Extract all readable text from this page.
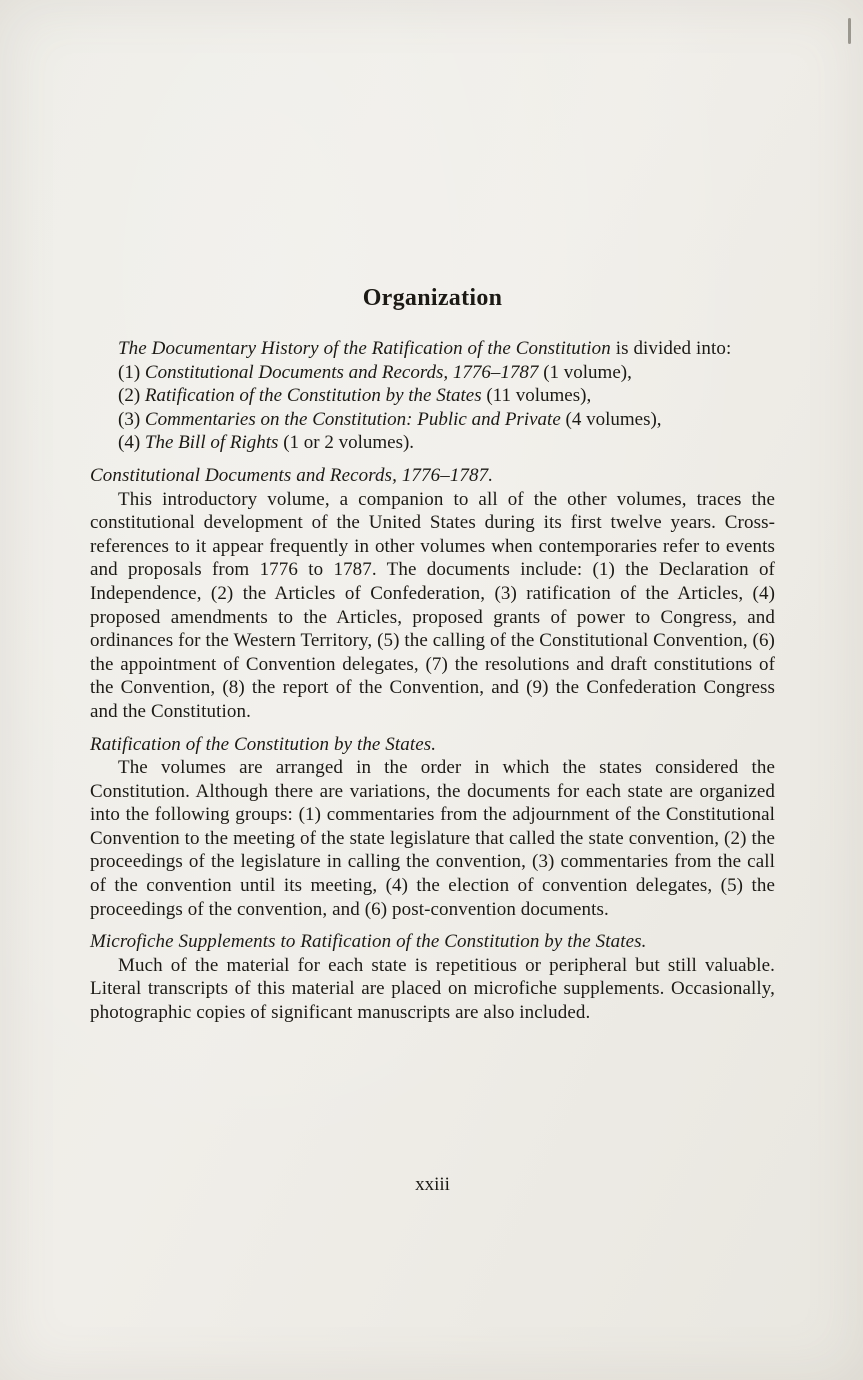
Organization

The Documentary History of the Ratification of the Constitution is divided into:

(1) Constitutional Documents and Records, 1776–1787 (1 volume),

(2) Ratification of the Constitution by the States (11 volumes),

(3) Commentaries on the Constitution: Public and Private (4 volumes),

(4) The Bill of Rights (1 or 2 volumes).

Constitutional Documents and Records, 1776–1787.

This introductory volume, a companion to all of the other volumes, traces the constitutional development of the United States during its first twelve years. Cross-references to it appear frequently in other volumes when contemporaries refer to events and proposals from 1776 to 1787. The documents include: (1) the Declaration of Independence, (2) the Articles of Confederation, (3) ratification of the Articles, (4) proposed amendments to the Articles, proposed grants of power to Congress, and ordinances for the Western Territory, (5) the calling of the Constitutional Convention, (6) the appointment of Convention delegates, (7) the resolutions and draft constitutions of the Convention, (8) the report of the Convention, and (9) the Confederation Congress and the Constitution.

Ratification of the Constitution by the States.

The volumes are arranged in the order in which the states considered the Constitution. Although there are variations, the documents for each state are organized into the following groups: (1) commentaries from the adjournment of the Constitutional Convention to the meeting of the state legislature that called the state convention, (2) the proceedings of the legislature in calling the convention, (3) commentaries from the call of the convention until its meeting, (4) the election of convention delegates, (5) the proceedings of the convention, and (6) post-convention documents.

Microfiche Supplements to Ratification of the Constitution by the States.

Much of the material for each state is repetitious or peripheral but still valuable. Literal transcripts of this material are placed on microfiche supplements. Occasionally, photographic copies of significant manuscripts are also included.

xxiii
